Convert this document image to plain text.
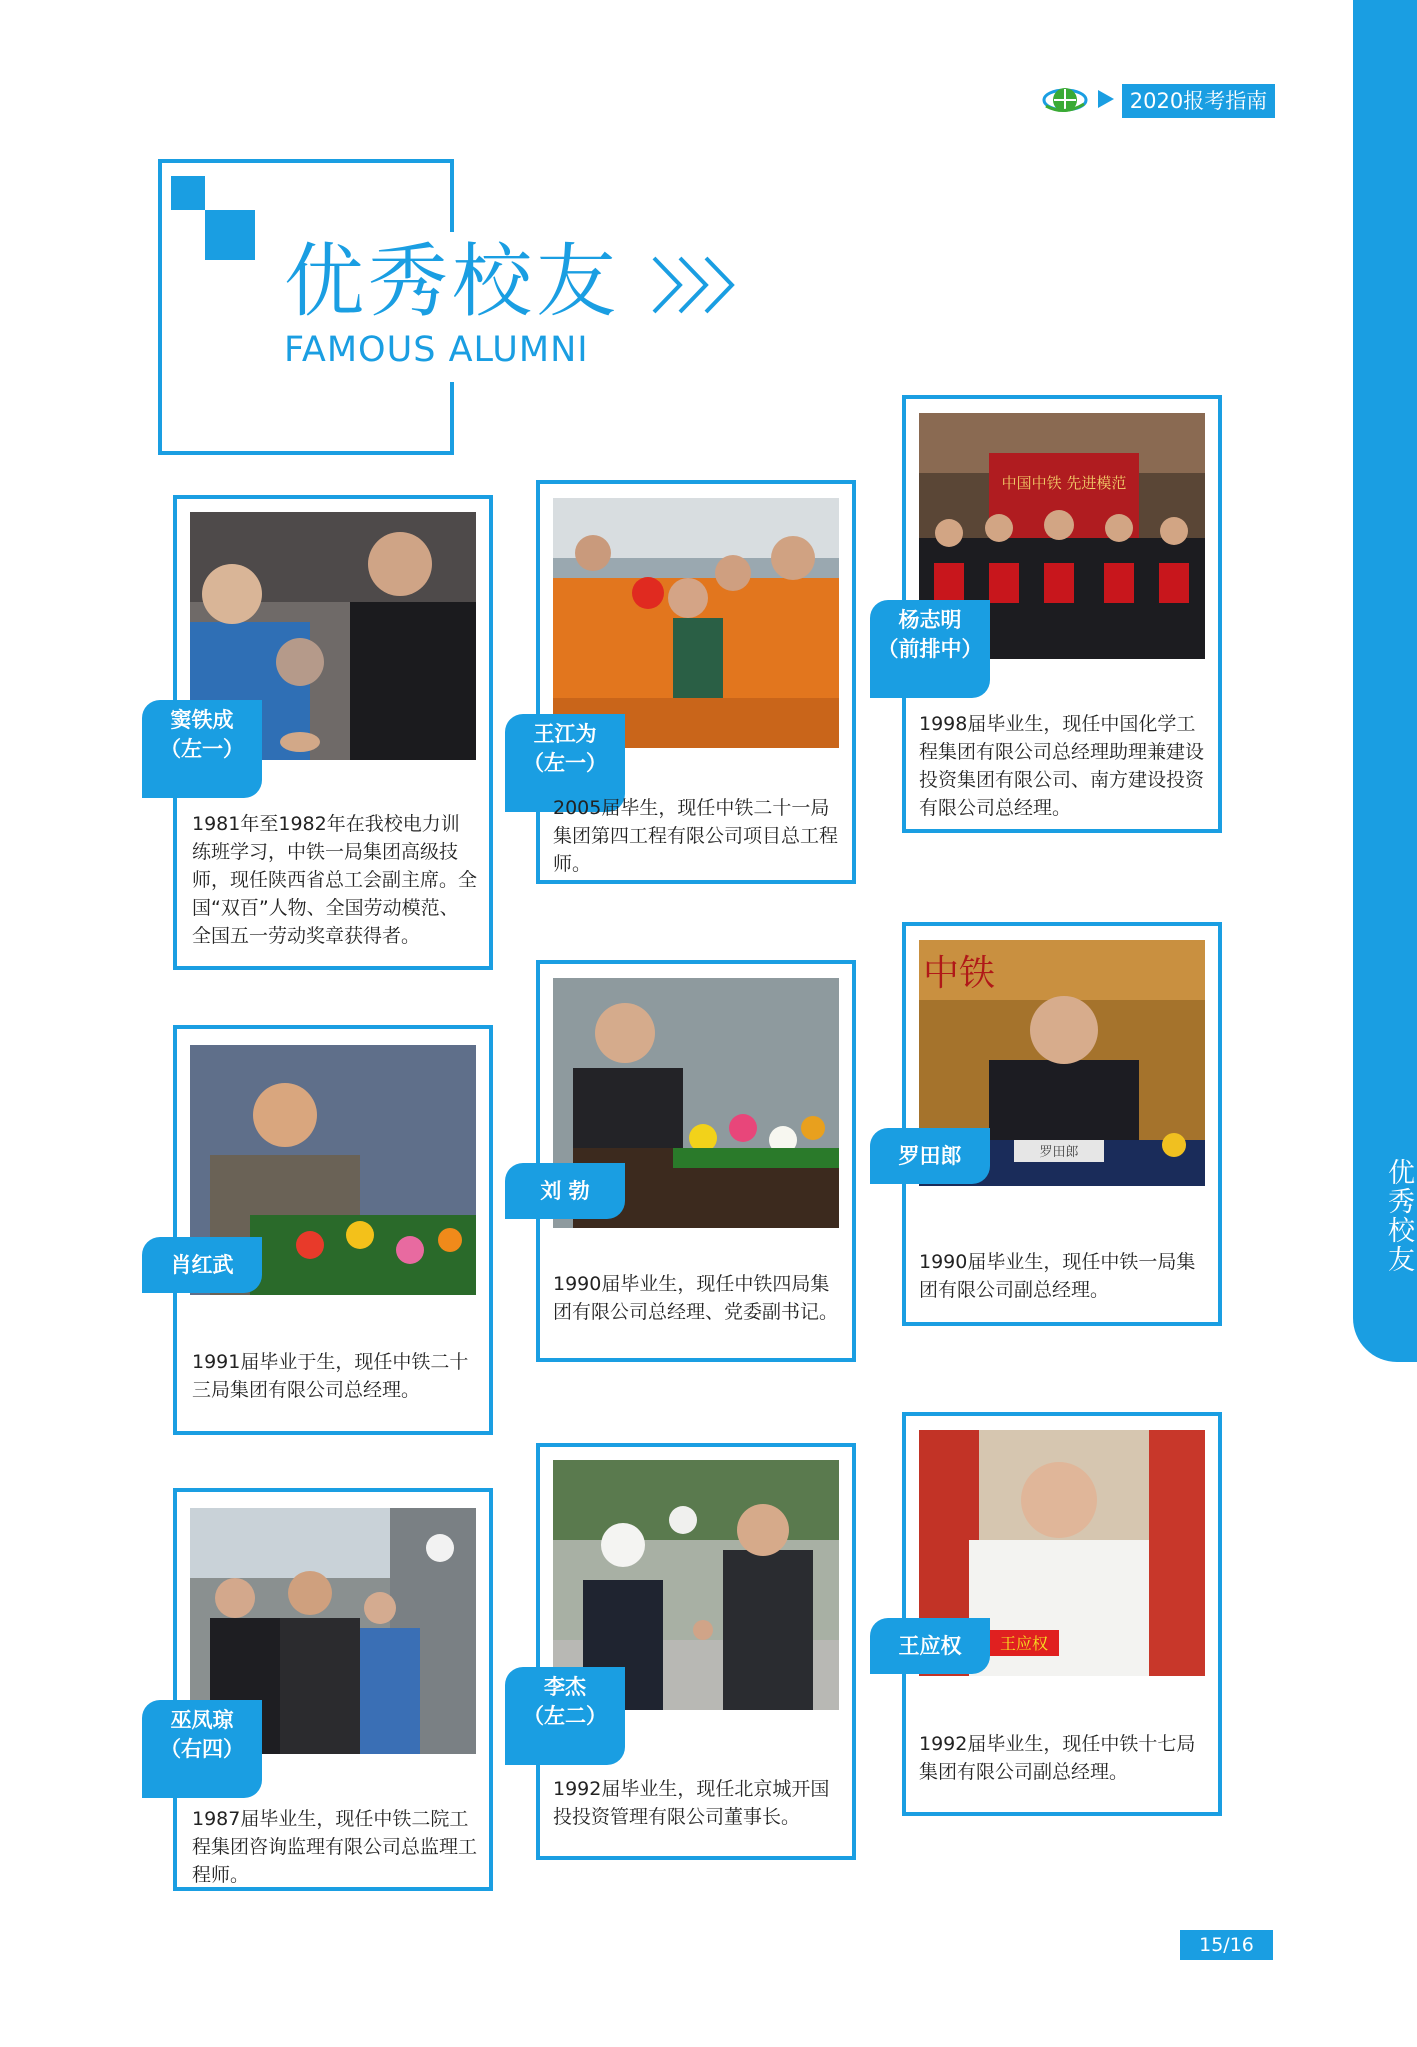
优秀校友
2020报考指南
优秀校友
FAMOUS ALUMNI
窦铁成
（左一）
1981年至1982年在我校电力训练班学习，中铁一局集团高级技师，现任陕西省总工会副主席。全国“双百”人物、全国劳动模范、全国五一劳动奖章获得者。
肖红武
1991届毕业于生，现任中铁二十三局集团有限公司总经理。
巫凤琼
（右四）
1987届毕业生，现任中铁二院工程集团咨询监理有限公司总监理工程师。
王江为
（左一）
2005届毕生，现任中铁二十一局集团第四工程有限公司项目总工程师。
刘 勃
1990届毕业生，现任中铁四局集团有限公司总经理、党委副书记。
李杰
（左二）
1992届毕业生，现任北京城开国投投资管理有限公司董事长。
中国中铁 先进模范
杨志明
（前排中）
1998届毕业生，现任中国化学工程集团有限公司总经理助理兼建设投资集团有限公司、南方建设投资有限公司总经理。
中铁
罗田郎
罗田郎
1990届毕业生，现任中铁一局集团有限公司副总经理。
王应权
王应权
1992届毕业生，现任中铁十七局集团有限公司副总经理。
15/16
